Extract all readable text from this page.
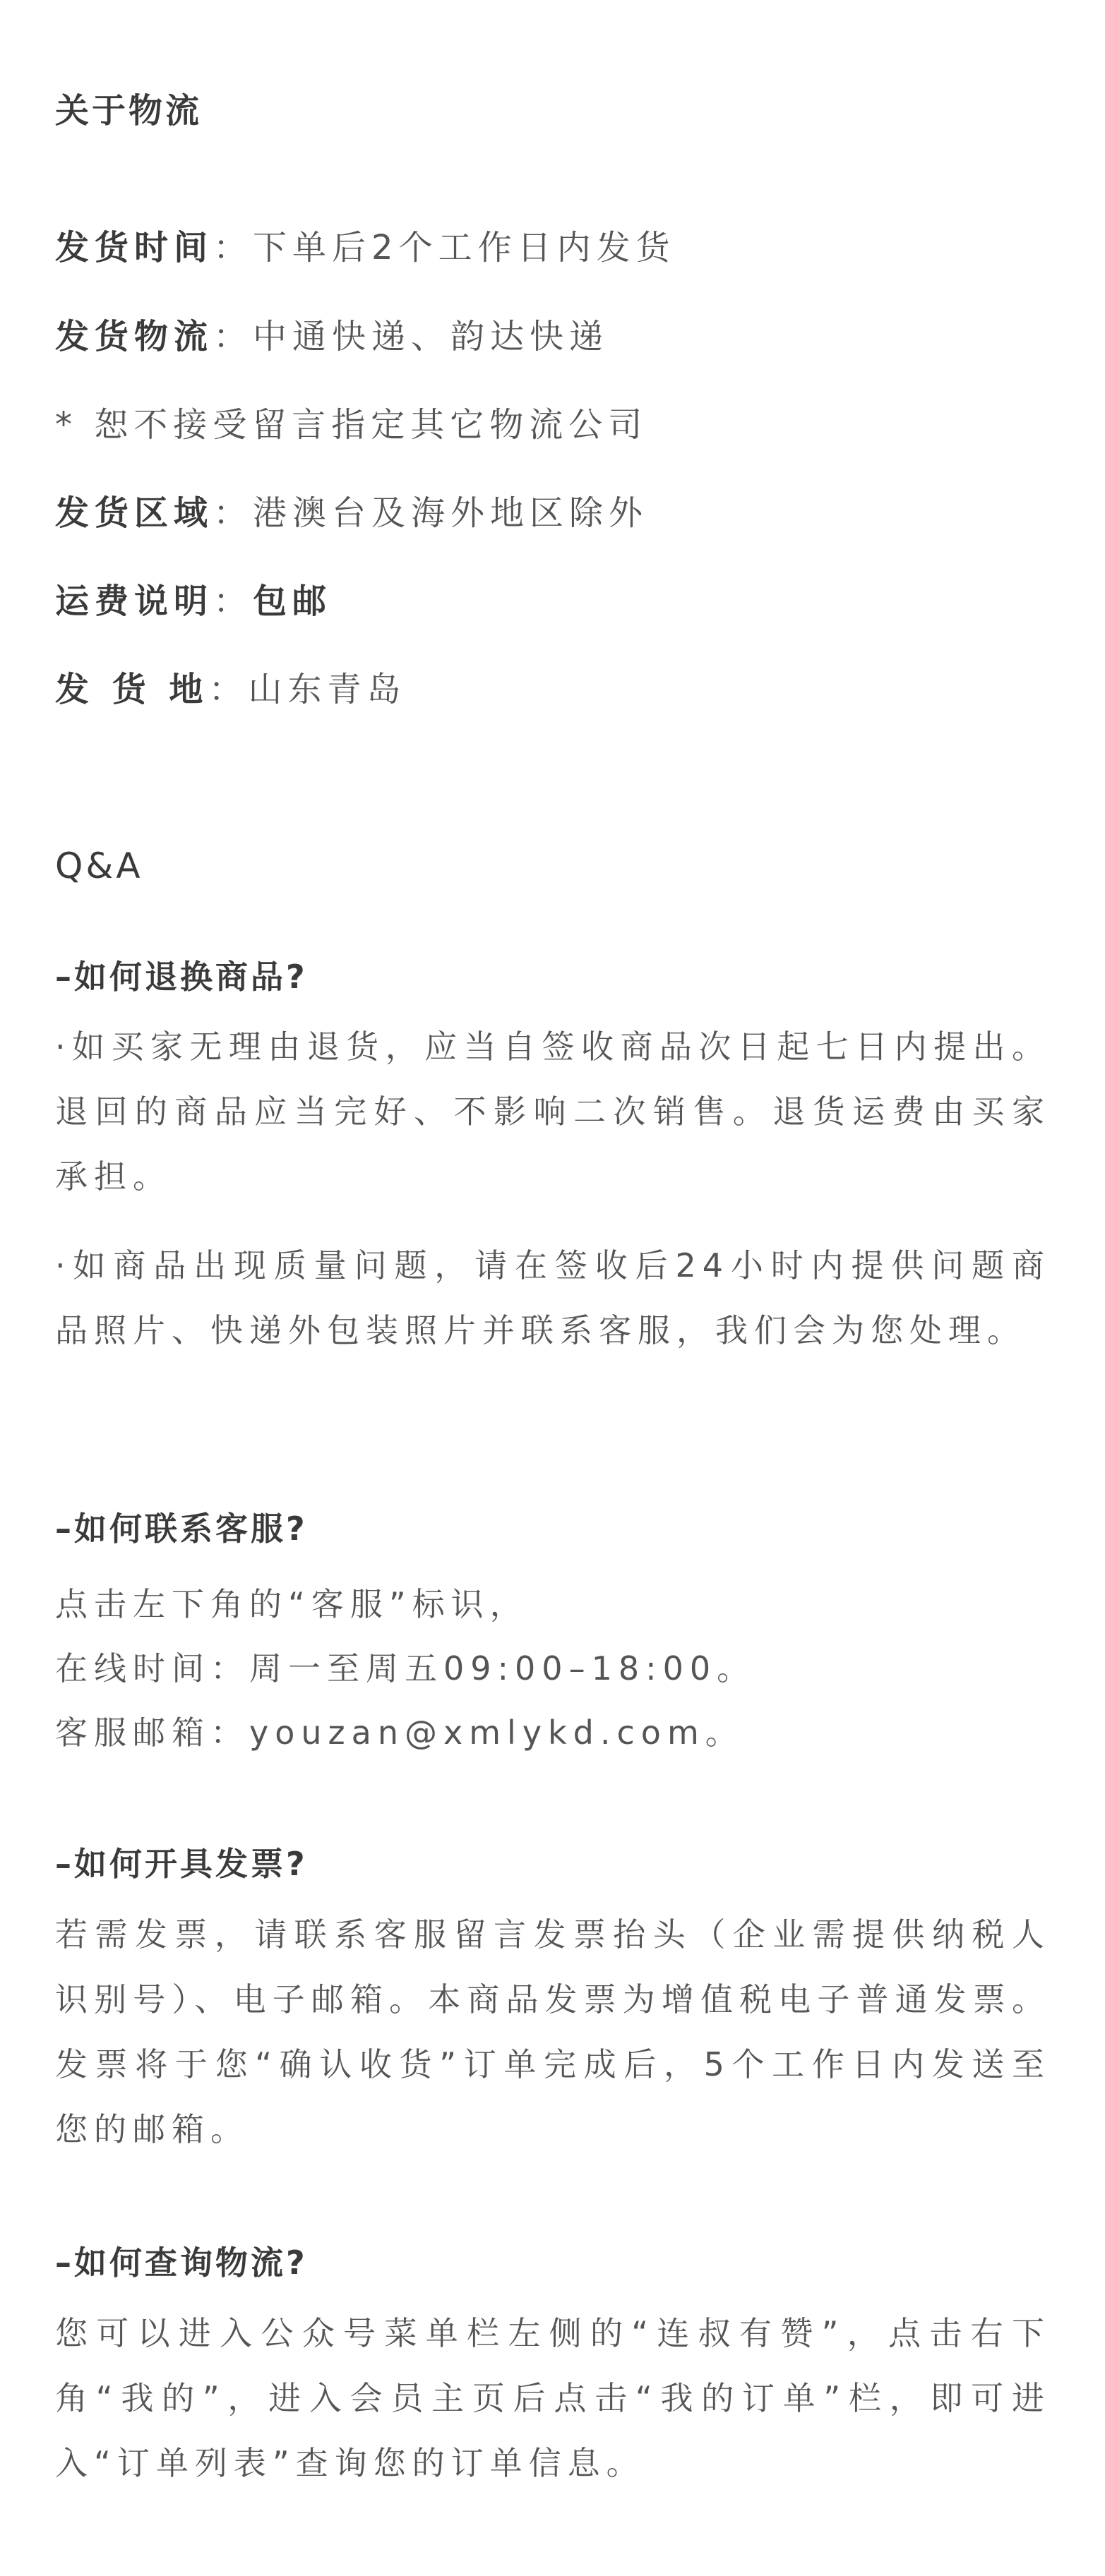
关于物流
发货时间：下单后2个工作日内发货
发货物流：中通快递、韵达快递
* 恕不接受留言指定其它物流公司
发货区域：港澳台及海外地区除外
运费说明：包邮
发 货 地：山东青岛
Q&A
–如何退换商品?
·如买家无理由退货，应当自签收商品次日起七日内提出。退回的商品应当完好、不影响二次销售。退货运费由买家承担。
·如商品出现质量问题，请在签收后24小时内提供问题商品照片、快递外包装照片并联系客服，我们会为您处理。
–如何联系客服?
点击左下角的“客服”标识，
在线时间：周一至周五09:00–18:00。
客服邮箱：youzan@xmlykd.com。
–如何开具发票?
若需发票，请联系客服留言发票抬头（企业需提供纳税人识别号）、电子邮箱。本商品发票为增值税电子普通发票。发票将于您“确认收货”订单完成后，5个工作日内发送至您的邮箱。
–如何查询物流?
您可以进入公众号菜单栏左侧的“连叔有赞”，点击右下角“我的”，进入会员主页后点击“我的订单”栏，即可进入“订单列表”查询您的订单信息。
